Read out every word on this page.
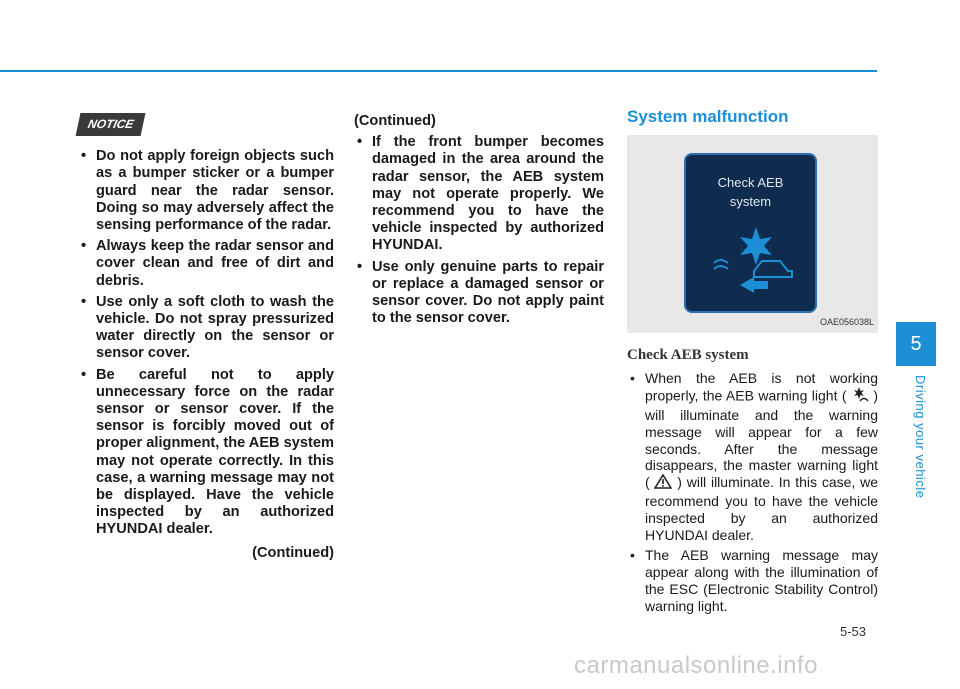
5
Driving your vehicle
NOTICE
• Do not apply foreign objects such as a bumper sticker or a bumper guard near the radar sensor. Doing so may adversely affect the sensing performance of the radar.
• Always keep the radar sensor and cover clean and free of dirt and debris.
• Use only a soft cloth to wash the vehicle. Do not spray pressurized water directly on the sensor or sensor cover.
• Be careful not to apply unnecessary force on the radar sensor or sensor cover. If the sensor is forcibly moved out of proper alignment, the AEB system may not operate correctly. In this case, a warning message may not be displayed. Have the vehicle inspected by an authorized HYUNDAI dealer.
(Continued)
(Continued)
• If the front bumper becomes damaged in the area around the radar sensor, the AEB system may not operate properly. We recommend you to have the vehicle inspected by authorized HYUNDAI.
• Use only genuine parts to repair or replace a damaged sensor or sensor cover. Do not apply paint to the sensor cover.
System malfunction
Check AEB
system
OAE056038L
Check AEB system
• When the AEB is not working properly, the AEB warning light ( ) will illuminate and the warning message will appear for a few seconds. After the message disappears, the master warning light ( ) will illuminate. In this case, we recommend you to have the vehicle inspected by an authorized HYUNDAI dealer.
• The AEB warning message may appear along with the illumination of the ESC (Electronic Stability Control) warning light.
5-53
carmanualsonline.info
